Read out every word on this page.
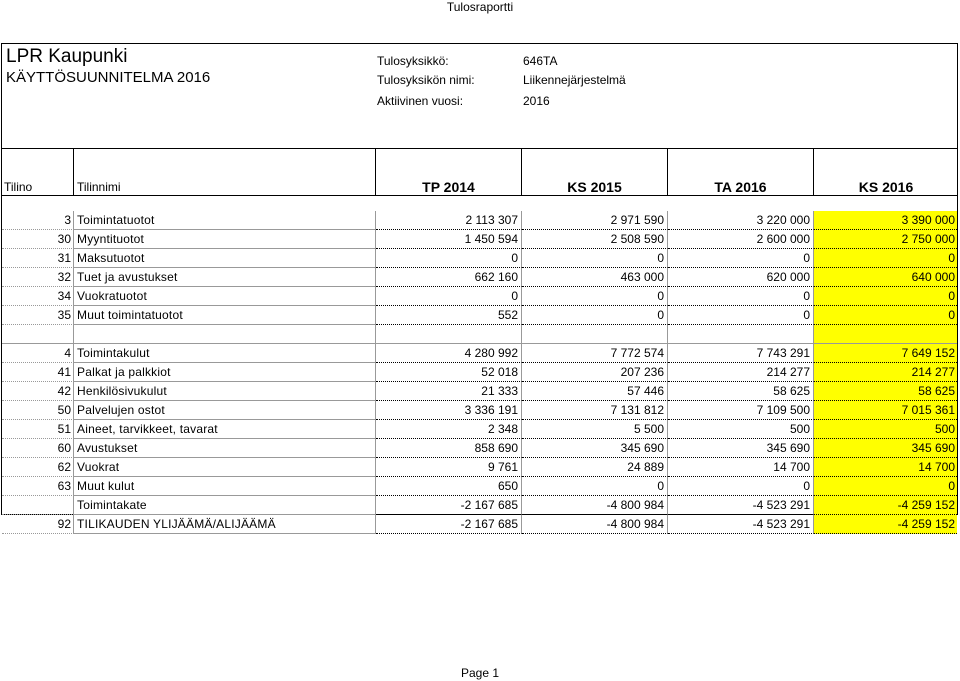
Tulosraportti
LPR Kaupunki
KÄYTTÖSUUNNITELMA 2016
Tulosyksikkö:	646TA
Tulosyksikön nimi:	Liikennejärjestelmä
Aktiivinen vuosi:	2016
Tilino	Tilinnimi	TP 2014	KS 2015	TA 2016	KS 2016
3 Toimintatuotot	2 113 307	2 971 590	3 220 000	3 390 000
30 Myyntituotot	1 450 594	2 508 590	2 600 000	2 750 000
31 Maksutuotot	0	0	0	0
32 Tuet ja avustukset	662 160	463 000	620 000	640 000
34 Vuokratuotot	0	0	0	0
35 Muut toimintatuotot	552	0	0	0
4 Toimintakulut	4 280 992	7 772 574	7 743 291	7 649 152
41 Palkat ja palkkiot	52 018	207 236	214 277	214 277
42 Henkilösivukulut	21 333	57 446	58 625	58 625
50 Palvelujen ostot	3 336 191	7 131 812	7 109 500	7 015 361
51 Aineet, tarvikkeet, tavarat	2 348	5 500	500	500
60 Avustukset	858 690	345 690	345 690	345 690
62 Vuokrat	9 761	24 889	14 700	14 700
63 Muut kulut	650	0	0	0
Toimintakate	-2 167 685	-4 800 984	-4 523 291	-4 259 152
92 TILIKAUDEN YLIJÄÄMÄ/ALIJÄÄMÄ	-2 167 685	-4 800 984	-4 523 291	-4 259 152
Page 1
